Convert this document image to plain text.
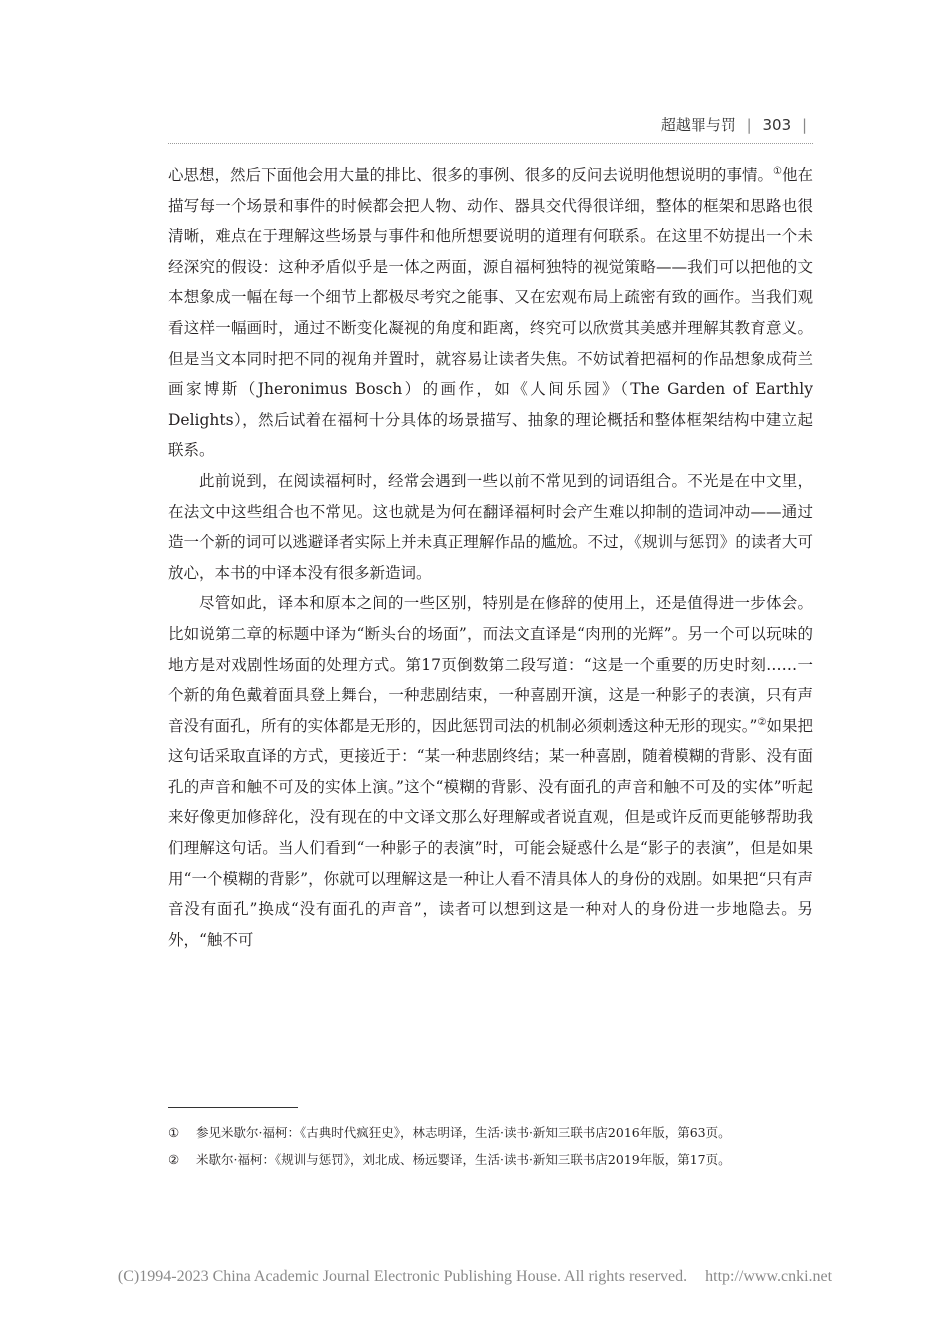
超越罪与罚 | 303 |

心思想，然后下面他会用大量的排比、很多的事例、很多的反问去说明他想说明的事情。①他在描写每一个场景和事件的时候都会把人物、动作、器具交代得很详细，整体的框架和思路也很清晰，难点在于理解这些场景与事件和他所想要说明的道理有何联系。在这里不妨提出一个未经深究的假设：这种矛盾似乎是一体之两面，源自福柯独特的视觉策略——我们可以把他的文本想象成一幅在每一个细节上都极尽考究之能事、又在宏观布局上疏密有致的画作。当我们观看这样一幅画时，通过不断变化凝视的角度和距离，终究可以欣赏其美感并理解其教育意义。但是当文本同时把不同的视角并置时，就容易让读者失焦。不妨试着把福柯的作品想象成荷兰画家博斯（Jheronimus Bosch）的画作，如《人间乐园》（The Garden of Earthly Delights），然后试着在福柯十分具体的场景描写、抽象的理论概括和整体框架结构中建立起联系。

此前说到，在阅读福柯时，经常会遇到一些以前不常见到的词语组合。不光是在中文里，在法文中这些组合也不常见。这也就是为何在翻译福柯时会产生难以抑制的造词冲动——通过造一个新的词可以逃避译者实际上并未真正理解作品的尴尬。不过，《规训与惩罚》的读者大可放心，本书的中译本没有很多新造词。

尽管如此，译本和原本之间的一些区别，特别是在修辞的使用上，还是值得进一步体会。比如说第二章的标题中译为“断头台的场面”，而法文直译是“肉刑的光辉”。另一个可以玩味的地方是对戏剧性场面的处理方式。第17页倒数第二段写道：“这是一个重要的历史时刻……一个新的角色戴着面具登上舞台，一种悲剧结束，一种喜剧开演，这是一种影子的表演，只有声音没有面孔，所有的实体都是无形的，因此惩罚司法的机制必须刺透这种无形的现实。”②如果把这句话采取直译的方式，更接近于：“某一种悲剧终结；某一种喜剧，随着模糊的背影、没有面孔的声音和触不可及的实体上演。”这个“模糊的背影、没有面孔的声音和触不可及的实体”听起来好像更加修辞化，没有现在的中文译文那么好理解或者说直观，但是或许反而更能够帮助我们理解这句话。当人们看到“一种影子的表演”时，可能会疑惑什么是“影子的表演”，但是如果用“一个模糊的背影”，你就可以理解这是一种让人看不清具体人的身份的戏剧。如果把“只有声音没有面孔”换成“没有面孔的声音”，读者可以想到这是一种对人的身份进一步地隐去。另外，“触不可

①	参见米歇尔·福柯：《古典时代疯狂史》，林志明译，生活·读书·新知三联书店2016年版，第63页。
②	米歇尔·福柯：《规训与惩罚》，刘北成、杨远婴译，生活·读书·新知三联书店2019年版，第17页。
(C)1994-2023 China Academic Journal Electronic Publishing House. All rights reserved. http://www.cnki.net
